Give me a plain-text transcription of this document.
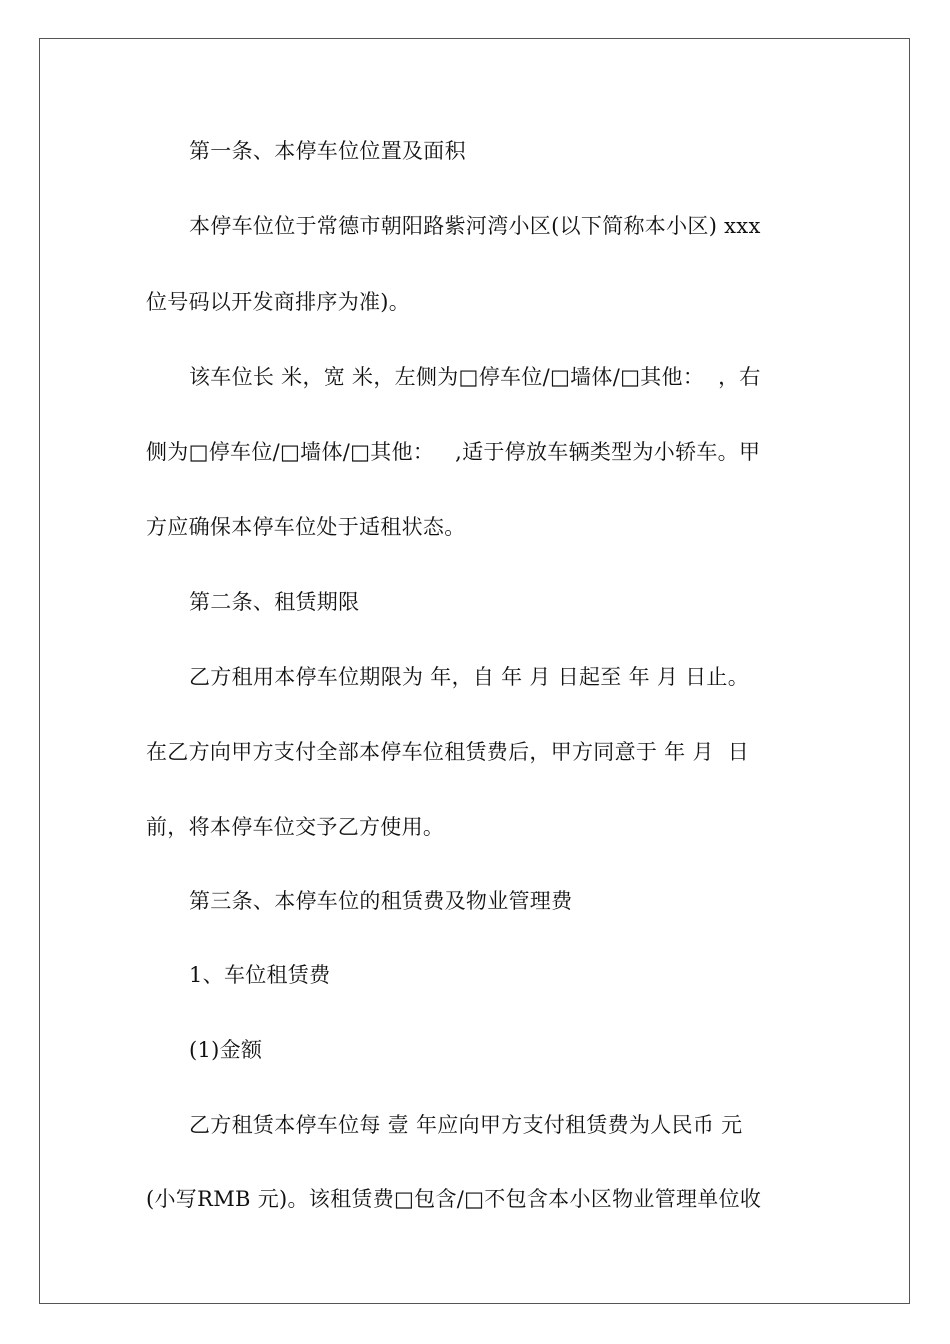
第一条、本停车位位置及面积
本停车位位于常德市朝阳路紫河湾小区(以下简称本小区) xxx
位号码以开发商排序为准)。
该车位长 米，宽 米，左侧为□停车位/□墙体/□其他：  ，右
侧为□停车位/□墙体/□其他：   ,适于停放车辆类型为小轿车。甲
方应确保本停车位处于适租状态。
第二条、租赁期限
乙方租用本停车位期限为 年，自 年 月 日起至 年 月 日止。
在乙方向甲方支付全部本停车位租赁费后，甲方同意于 年 月  日
前，将本停车位交予乙方使用。
第三条、本停车位的租赁费及物业管理费
1、车位租赁费
(1)金额
乙方租赁本停车位每 壹 年应向甲方支付租赁费为人民币 元
(小写RMB 元)。该租赁费□包含/□不包含本小区物业管理单位收
